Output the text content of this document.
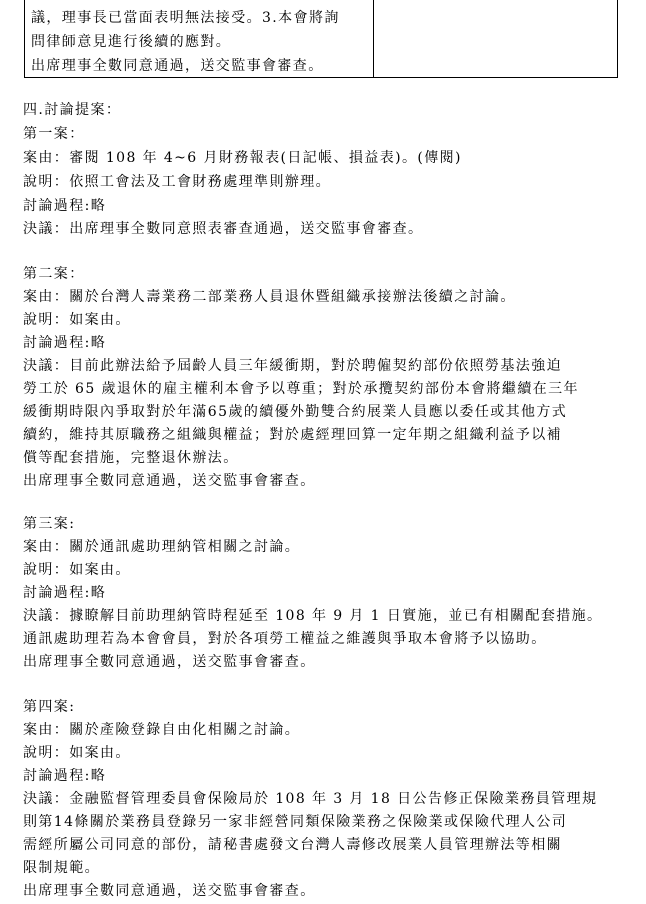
議，理事長已當面表明無法接受。3.本會將詢
問律師意見進行後續的應對。
出席理事全數同意通過，送交監事會審查。
四.討論提案：
第一案：
案由：審閱 108 年 4~6 月財務報表(日記帳、損益表)。(傳閱)
說明：依照工會法及工會財務處理準則辦理。
討論過程:略
決議：出席理事全數同意照表審查通過，送交監事會審查。
第二案：
案由：關於台灣人壽業務二部業務人員退休暨組織承接辦法後續之討論。
說明：如案由。
討論過程:略
決議：目前此辦法給予屆齡人員三年緩衝期，對於聘僱契約部份依照勞基法強迫
勞工於 65 歲退休的雇主權利本會予以尊重；對於承攬契約部份本會將繼續在三年
緩衝期時限內爭取對於年滿65歲的續優外勤雙合約展業人員應以委任或其他方式
續約，維持其原職務之組織與權益；對於處經理回算一定年期之組織利益予以補
償等配套措施，完整退休辦法。
出席理事全數同意通過，送交監事會審查。
第三案:
案由：關於通訊處助理納管相關之討論。
說明：如案由。
討論過程:略
決議：據瞭解目前助理納管時程延至 108 年 9 月 1 日實施，並已有相關配套措施。
通訊處助理若為本會會員，對於各項勞工權益之維護與爭取本會將予以協助。
出席理事全數同意通過，送交監事會審查。
第四案:
案由：關於產險登錄自由化相關之討論。
說明：如案由。
討論過程:略
決議：金融監督管理委員會保險局於 108 年 3 月 18 日公告修正保險業務員管理規
則第14條關於業務員登錄另一家非經營同類保險業務之保險業或保險代理人公司
需經所屬公司同意的部份，請秘書處發文台灣人壽修改展業人員管理辦法等相關
限制規範。
出席理事全數同意通過，送交監事會審查。
